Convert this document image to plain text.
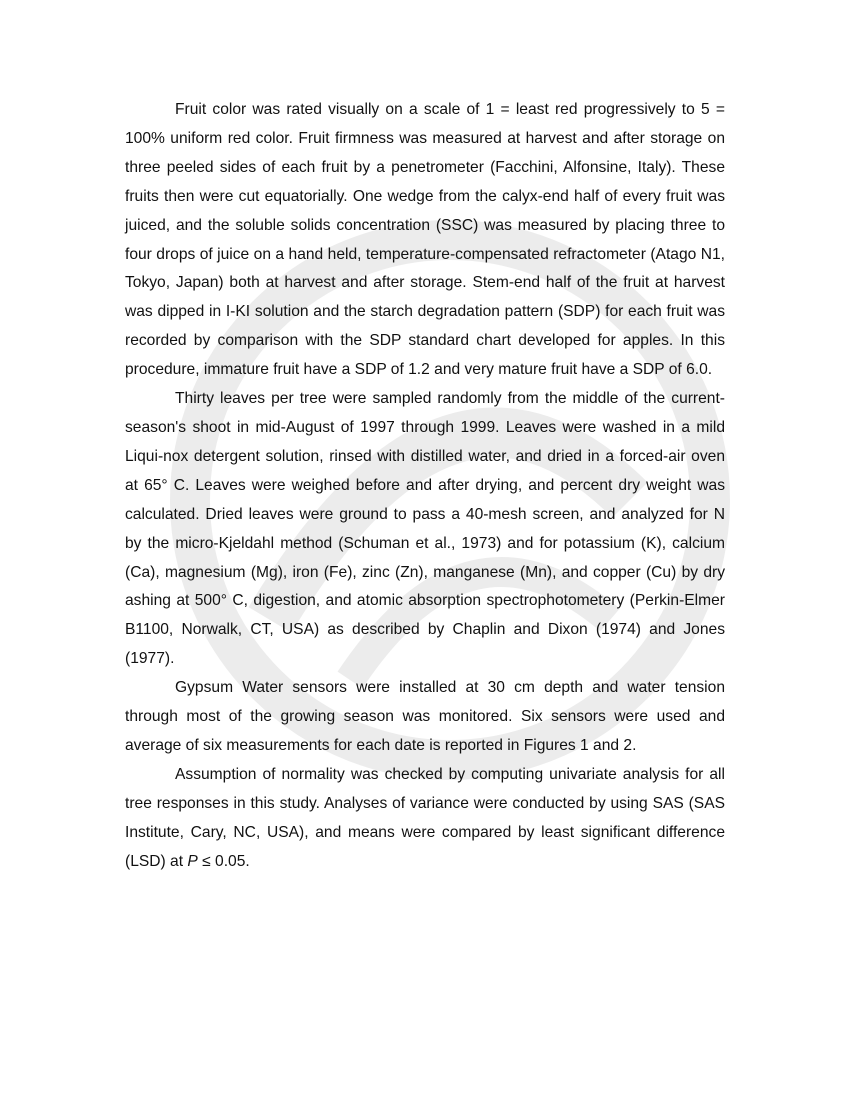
Fruit color was rated visually on a scale of 1 = least red progressively to 5 = 100% uniform red color. Fruit firmness was measured at harvest and after storage on three peeled sides of each fruit by a penetrometer (Facchini, Alfonsine, Italy). These fruits then were cut equatorially. One wedge from the calyx-end half of every fruit was juiced, and the soluble solids concentration (SSC) was measured by placing three to four drops of juice on a hand held, temperature-compensated refractometer (Atago N1, Tokyo, Japan) both at harvest and after storage. Stem-end half of the fruit at harvest was dipped in I-KI solution and the starch degradation pattern (SDP) for each fruit was recorded by comparison with the SDP standard chart developed for apples. In this procedure, immature fruit have a SDP of 1.2 and very mature fruit have a SDP of 6.0.

Thirty leaves per tree were sampled randomly from the middle of the current-season's shoot in mid-August of 1997 through 1999. Leaves were washed in a mild Liqui-nox detergent solution, rinsed with distilled water, and dried in a forced-air oven at 65° C. Leaves were weighed before and after drying, and percent dry weight was calculated. Dried leaves were ground to pass a 40-mesh screen, and analyzed for N by the micro-Kjeldahl method (Schuman et al., 1973) and for potassium (K), calcium (Ca), magnesium (Mg), iron (Fe), zinc (Zn), manganese (Mn), and copper (Cu) by dry ashing at 500° C, digestion, and atomic absorption spectrophotometery (Perkin-Elmer B1100, Norwalk, CT, USA) as described by Chaplin and Dixon (1974) and Jones (1977).

Gypsum Water sensors were installed at 30 cm depth and water tension through most of the growing season was monitored. Six sensors were used and average of six measurements for each date is reported in Figures 1 and 2.

Assumption of normality was checked by computing univariate analysis for all tree responses in this study. Analyses of variance were conducted by using SAS (SAS Institute, Cary, NC, USA), and means were compared by least significant difference (LSD) at P ≤ 0.05.
